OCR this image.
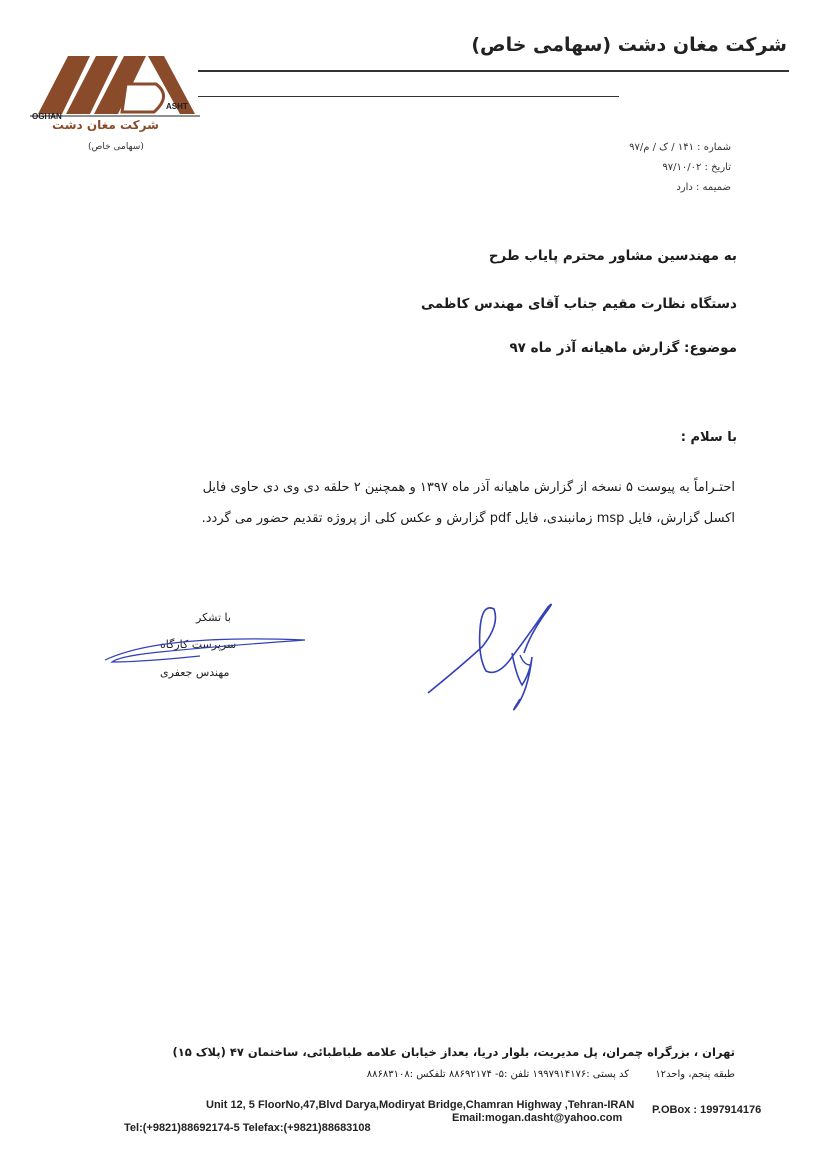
شرکت مغان دشت (سهامی خاص)
OGHAN
ASHT
شرکت مغان دشت
(سهامی خاص)	شماره : ۱۴۱ / ک / م/۹۷
تاریخ : ۹۷/۱۰/۰۲
ضمیمه : دارد
به مهندسین مشاور محترم پایاب طرح
دستگاه نظارت مقیم جناب آقای مهندس کاظمی
موضوع: گزارش ماهیانه آذر ماه ۹۷
با سلام :
احتـراماً به پیوست ۵ نسخه از گزارش ماهیانه آذر ماه ۱۳۹۷ و همچنین ۲ حلقه دی وی دی حاوی فایل
اکسل گزارش، فایل msp زمانبندی، فایل pdf گزارش و عکس کلی از پروژه تقدیم حضور می گردد.
با تشکر
سرپرست کارگاه
مهندس جعفری
تهران ، بزرگراه چمران، پل مدیریت، بلوار دریا، بعداز خیابان علامه طباطبائی، ساختمان ۴۷ (پلاک ۱۵)
طبقه پنجم، واحد۱۲
کد پستی :۱۹۹۷۹۱۴۱۷۶ تلفن :۵- ۸۸۶۹۲۱۷۴ تلفکس :۸۸۶۸۳۱۰۸
Unit 12, 5 FloorNo,47,Blvd Darya,Modiryat Bridge,Chamran Highway ,Tehran-IRAN
Email:mogan.dasht@yahoo.com
P.OBox : 1997914176
Tel:(+9821)88692174-5 Telefax:(+9821)88683108
